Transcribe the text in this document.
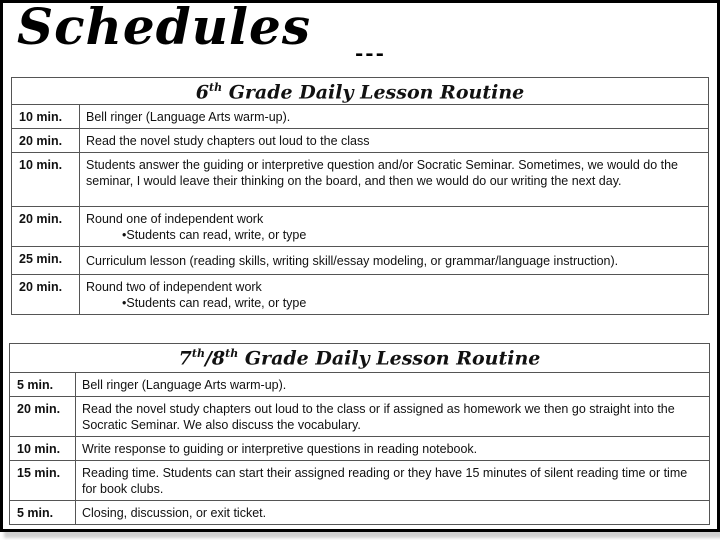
Schedules ---
6th Grade Daily Lesson Routine	
10 min.	Bell ringer (Language Arts warm-up).
20 min.	Read the novel study chapters out loud to the class
10 min.	Students answer the guiding or interpretive question and/or Socratic Seminar. Sometimes, we would do the seminar, I would leave their thinking on the board, and then we would do our writing the next day.
20 min.	Round one of independent work
•Students can read, write, or type

25 min.	Curriculum lesson (reading skills, writing skill/essay modeling, or grammar/language instruction).
20 min.	Round two of independent work
•Students can read, write, or type
7th/8th Grade Daily Lesson Routine	
5 min.	Bell ringer (Language Arts warm-up).
20 min.	Read the novel study chapters out loud to the class or if assigned as homework we then go straight into the Socratic Seminar. We also discuss the vocabulary.
10 min.	Write response to guiding or interpretive questions in reading notebook.
15 min.	Reading time. Students can start their assigned reading or they have 15 minutes of silent reading time or time for book clubs.
5 min.	Closing, discussion, or exit ticket.
